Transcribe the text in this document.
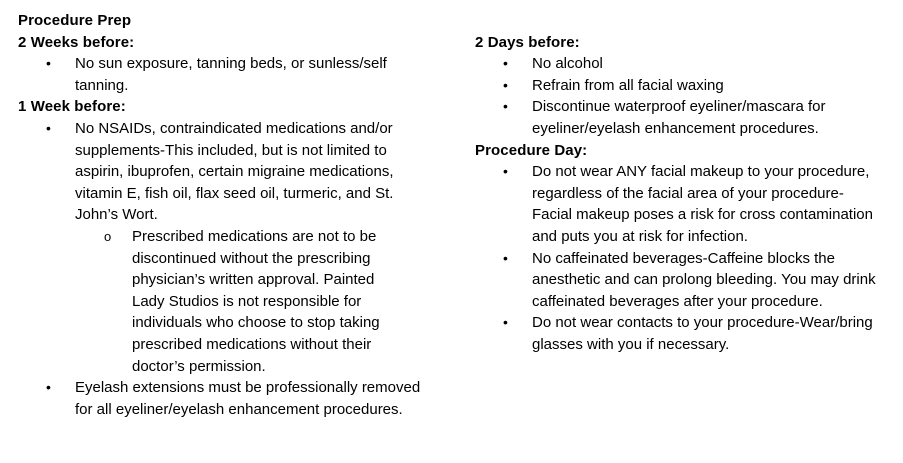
Procedure Prep
2 Weeks before:
• No sun exposure, tanning beds, or sunless/self tanning.
1 Week before:
• No NSAIDs, contraindicated medications and/or supplements-This included, but is not limited to aspirin, ibuprofen, certain migraine medications, vitamin E, fish oil, flax seed oil, turmeric, and St. John’s Wort.
o Prescribed medications are not to be discontinued without the prescribing physician’s written approval. Painted Lady Studios is not responsible for individuals who choose to stop taking prescribed medications without their doctor’s permission.
• Eyelash extensions must be professionally removed for all eyeliner/eyelash enhancement procedures.
2 Days before:
• No alcohol
• Refrain from all facial waxing
• Discontinue waterproof eyeliner/mascara for eyeliner/eyelash enhancement procedures.
Procedure Day:
• Do not wear ANY facial makeup to your procedure, regardless of the facial area of your procedure-Facial makeup poses a risk for cross contamination and puts you at risk for infection.
• No caffeinated beverages-Caffeine blocks the anesthetic and can prolong bleeding. You may drink caffeinated beverages after your procedure.
• Do not wear contacts to your procedure-Wear/bring glasses with you if necessary.
